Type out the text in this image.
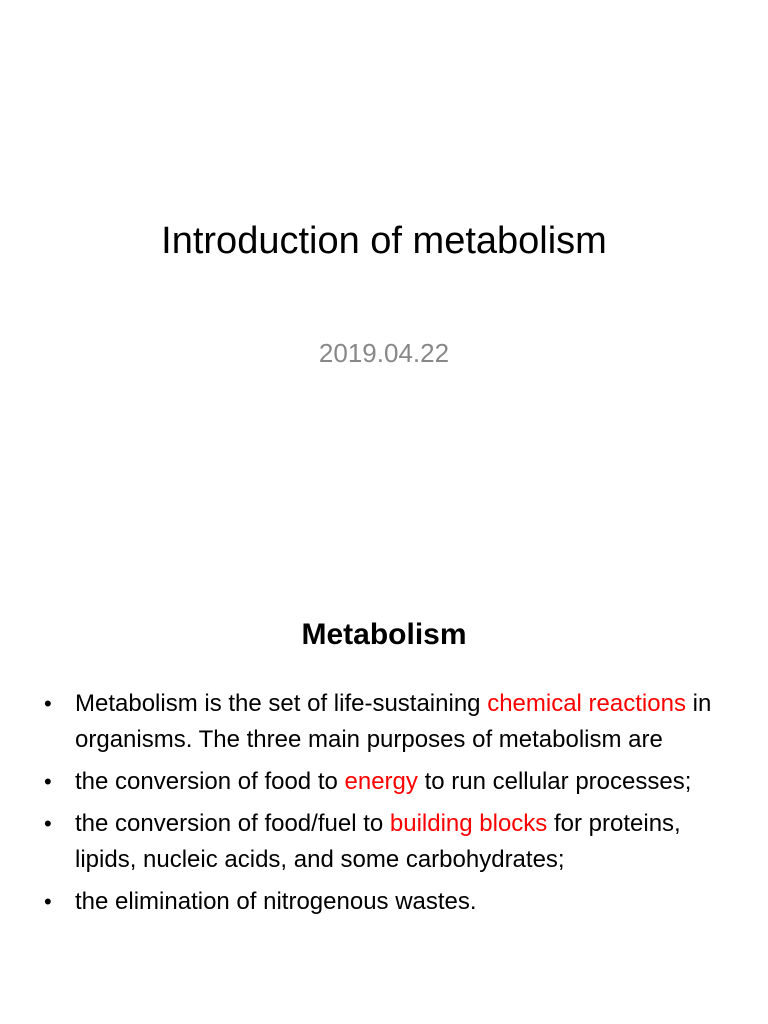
Introduction of metabolism
2019.04.22
Metabolism
• Metabolism is the set of life-sustaining chemical reactions in organisms. The three main purposes of metabolism are
• the conversion of food to energy to run cellular processes;
• the conversion of food/fuel to building blocks for proteins, lipids, nucleic acids, and some carbohydrates;
• the elimination of nitrogenous wastes.
